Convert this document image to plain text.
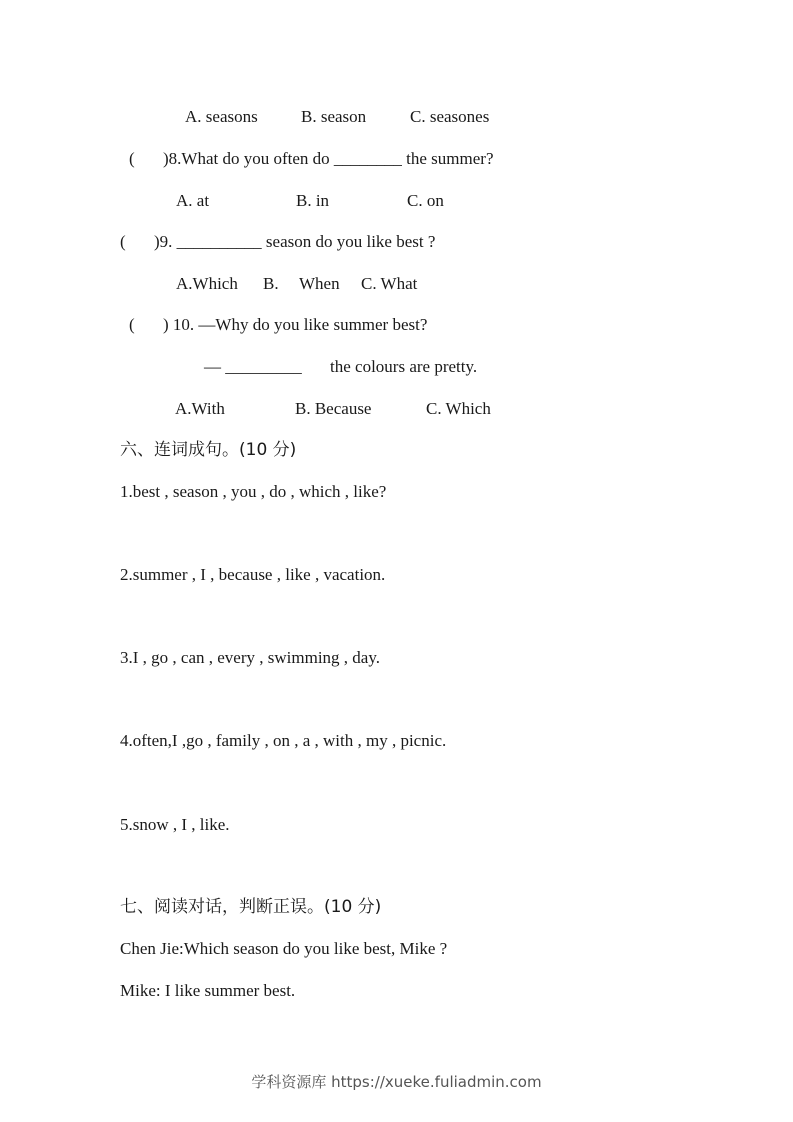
A. seasons	B. season	C. seasones
( )8.What do you often do ________ the summer?
A. at	B. in	C. on
( )9. __________ season do you like best ?
A.Which B. When C. What
( ) 10. —Why do you like summer best?
— _________ the colours are pretty.
A.With	B. Because	C. Which
六、连词成句。(10 分)
1.best , season , you , do , which , like?
2.summer , I , because , like , vacation.
3.I , go , can , every , swimming , day.
4.often,I ,go , family , on , a , with , my , picnic.
5.snow , I , like.
七、阅读对话，判断正误。(10 分)
Chen Jie:Which season do you like best, Mike ?
Mike: I like summer best.
学科资源库 https://xueke.fuliadmin.com
